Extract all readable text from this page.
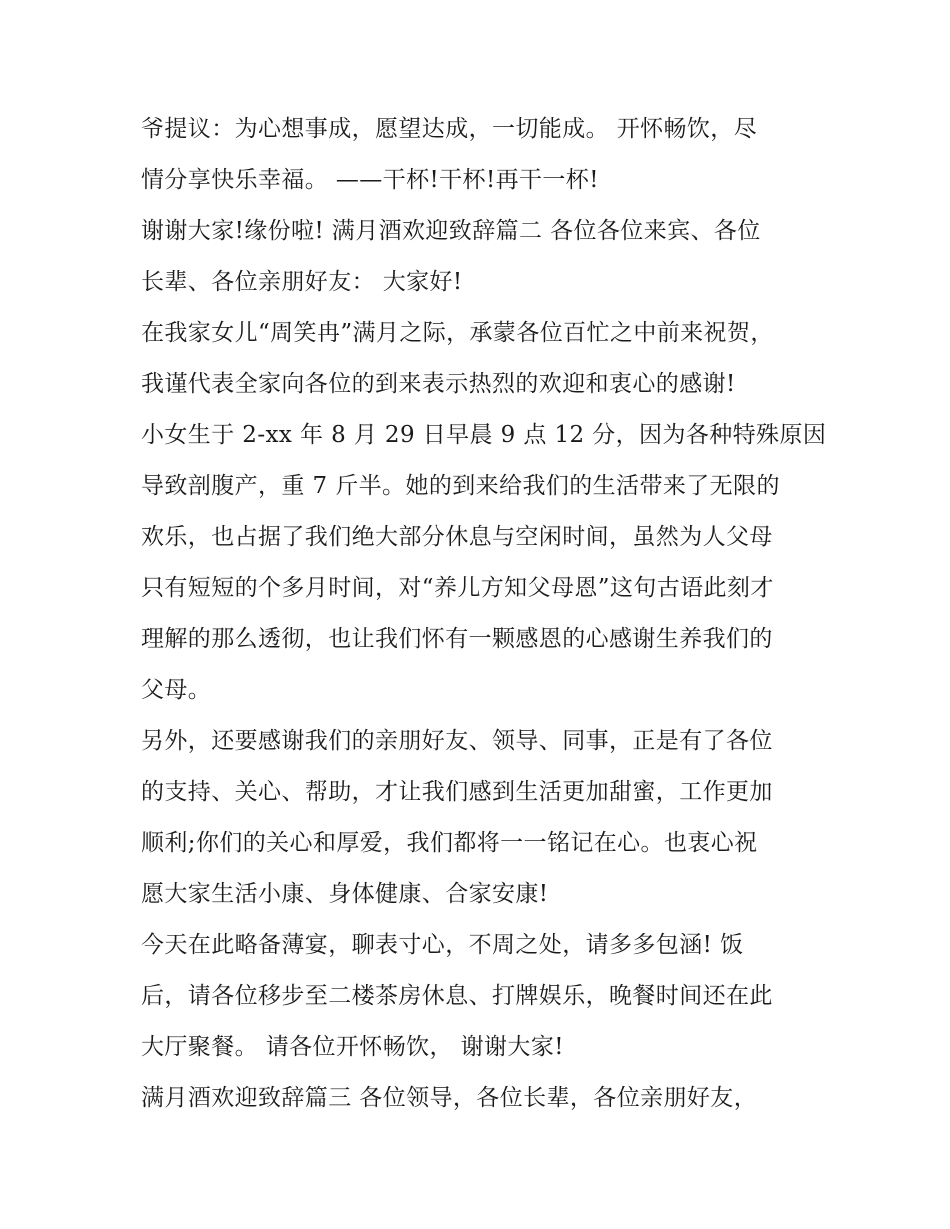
爷提议：为心想事成，愿望达成，一切能成。 开怀畅饮，尽
情分享快乐幸福。 ——干杯!干杯!再干一杯!
谢谢大家!缘份啦! 满月酒欢迎致辞篇二 各位各位来宾、各位
长辈、各位亲朋好友： 大家好!
在我家女儿“周笑冉”满月之际，承蒙各位百忙之中前来祝贺，
我谨代表全家向各位的到来表示热烈的欢迎和衷心的感谢!
小女生于 2-xx 年 8 月 29 日早晨 9 点 12 分，因为各种特殊原因
导致剖腹产，重 7 斤半。她的到来给我们的生活带来了无限的
欢乐，也占据了我们绝大部分休息与空闲时间，虽然为人父母
只有短短的个多月时间，对“养儿方知父母恩”这句古语此刻才
理解的那么透彻，也让我们怀有一颗感恩的心感谢生养我们的
父母。
另外，还要感谢我们的亲朋好友、领导、同事，正是有了各位
的支持、关心、帮助，才让我们感到生活更加甜蜜，工作更加
顺利;你们的关心和厚爱，我们都将一一铭记在心。也衷心祝
愿大家生活小康、身体健康、合家安康!
今天在此略备薄宴，聊表寸心，不周之处，请多多包涵! 饭
后，请各位移步至二楼茶房休息、打牌娱乐，晚餐时间还在此
大厅聚餐。 请各位开怀畅饮， 谢谢大家!
满月酒欢迎致辞篇三 各位领导，各位长辈，各位亲朋好友，
